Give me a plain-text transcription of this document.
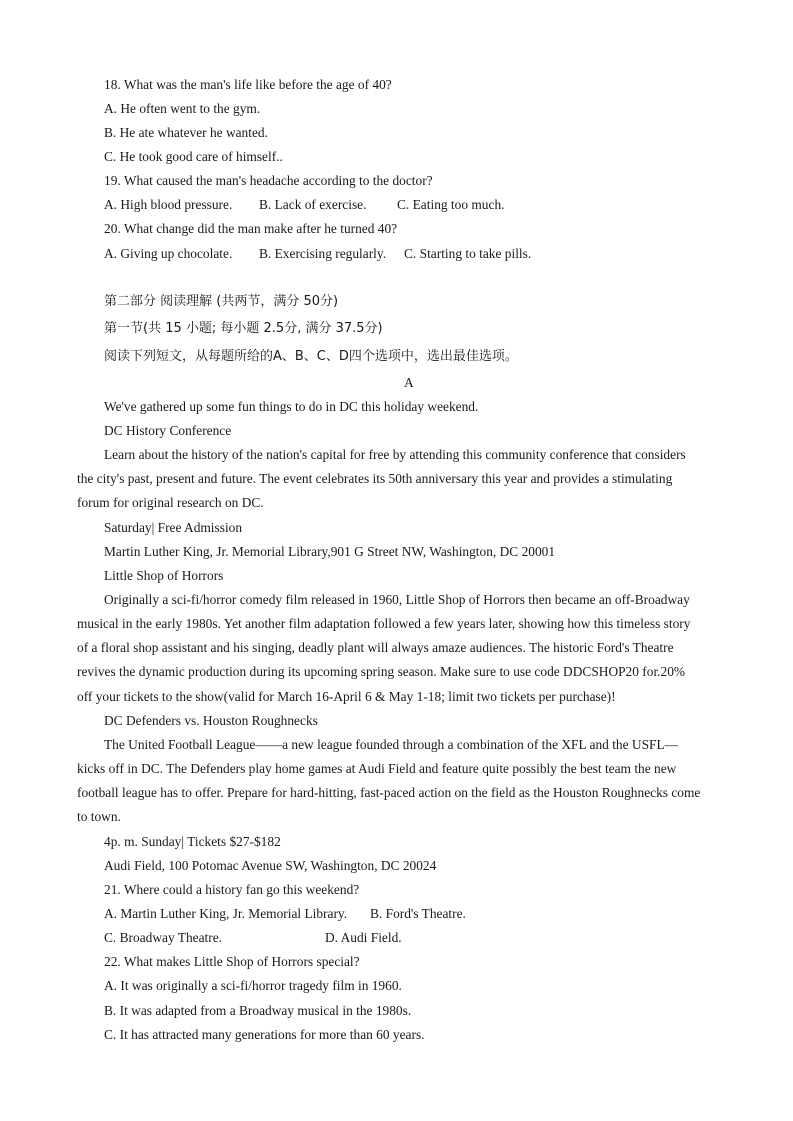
18. What was the man's life like before the age of 40?
A. He often went to the gym.
B. He ate whatever he wanted.
C. He took good care of himself..
19. What caused the man's headache according to the doctor?
A. High blood pressure. B. Lack of exercise. C. Eating too much.
20. What change did the man make after he turned 40?
A. Giving up chocolate. B. Exercising regularly. C. Starting to take pills.
第二部分 阅读理解 (共两节，满分 50分)
第一节(共 15 小题; 每小题 2.5分, 满分 37.5分)
阅读下列短文，从每题所给的A、B、C、D四个选项中，选出最佳选项。
A
We've gathered up some fun things to do in DC this holiday weekend.
DC History Conference
Learn about the history of the nation's capital for free by attending this community conference that considers
the city's past, present and future. The event celebrates its 50th anniversary this year and provides a stimulating
forum for original research on DC.
Saturday| Free Admission
Martin Luther King, Jr. Memorial Library,901 G Street NW, Washington, DC 20001
Little Shop of Horrors
Originally a sci-fi/horror comedy film released in 1960, Little Shop of Horrors then became an off-Broadway
musical in the early 1980s. Yet another film adaptation followed a few years later, showing how this timeless story
of a floral shop assistant and his singing, deadly plant will always amaze audiences. The historic Ford's Theatre
revives the dynamic production during its upcoming spring season. Make sure to use code DDCSHOP20 for.20%
off your tickets to the show(valid for March 16-April 6 & May 1-18; limit two tickets per purchase)!
DC Defenders vs. Houston Roughnecks
The United Football League——a new league founded through a combination of the XFL and the USFL—
kicks off in DC. The Defenders play home games at Audi Field and feature quite possibly the best team the new
football league has to offer. Prepare for hard-hitting, fast-paced action on the field as the Houston Roughnecks come
to town.
4p. m. Sunday| Tickets $27-$182
Audi Field, 100 Potomac Avenue SW, Washington, DC 20024
21. Where could a history fan go this weekend?
A. Martin Luther King, Jr. Memorial Library. B. Ford's Theatre.
C. Broadway Theatre.	D. Audi Field.
22. What makes Little Shop of Horrors special?
A. It was originally a sci-fi/horror tragedy film in 1960.
B. It was adapted from a Broadway musical in the 1980s.
C. It has attracted many generations for more than 60 years.
